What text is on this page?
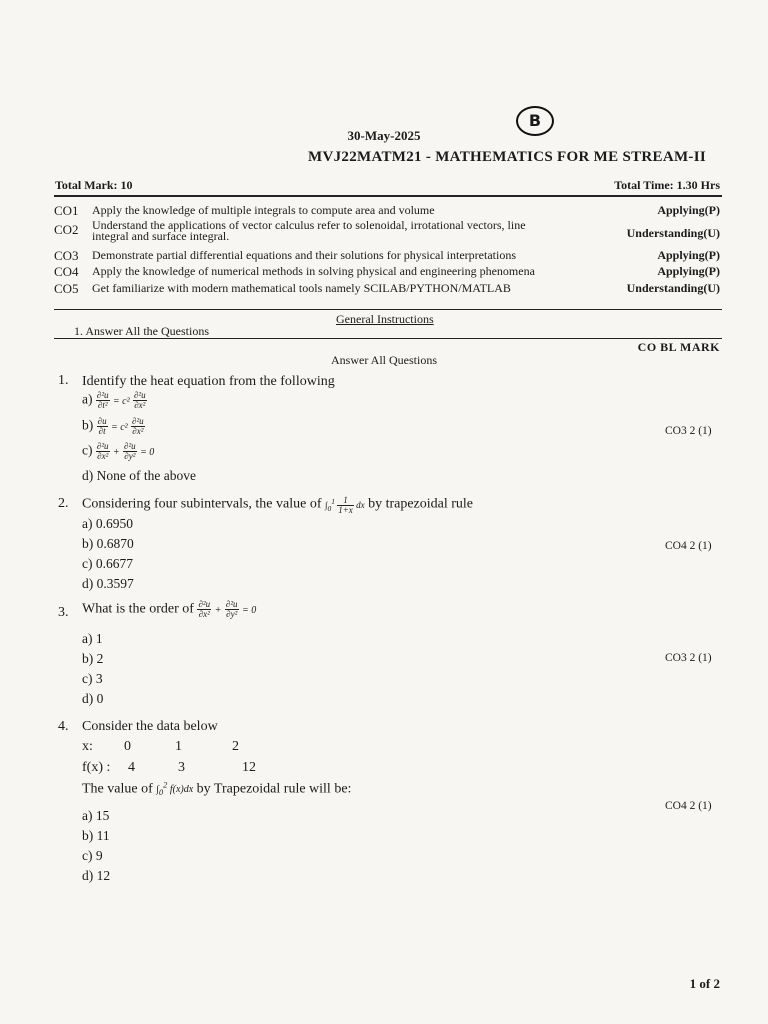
B
30-May-2025
MVJ22MATM21 - MATHEMATICS FOR ME STREAM-II
Total Mark: 10	Total Time: 1.30 Hrs
CO1 Apply the knowledge of multiple integrals to compute area and volume	Applying(P)
CO2 Understand the applications of vector calculus refer to solenoidal, irrotational vectors, line integral and surface integral.	Understanding(U)
CO3 Demonstrate partial differential equations and their solutions for physical interpretations	Applying(P)
CO4 Apply the knowledge of numerical methods in solving physical and engineering phenomena	Applying(P)
CO5 Get familiarize with modern mathematical tools namely SCILAB/PYTHON/MATLAB	Understanding(U)
General Instructions
1. Answer All the Questions
CO BL MARK
Answer All Questions
1. Identify the heat equation from the following
$a) \frac{\text{∂²u}}{\text{∂t²}} = c^2 \frac{\text{∂²u}}{\text{∂x²}}$
$b) \frac{\partial u}{\partial t} = c^2 \frac{\text{∂²u}}{\text{∂x²}}$
$c) \frac{\text{∂²u}}{\text{∂x²}} + \frac{\text{∂²u}}{\text{∂y²}} = 0$
d) None of the above
CO3 2 (1)
2. Considering four subintervals, the value of $\int_0^1 \frac{1}{1+x}$ dx by trapezoidal rule
a) 0.6950
b) 0.6870
c) 0.6677
d) 0.3597
CO4 2 (1)
3. What is the order of $\frac{\text{∂²u}}{\text{∂x²}} + \frac{\text{∂²u}}{\text{∂y²}} = 0$
a) 1
b) 2
c) 3
d) 0
CO3 2 (1)
4. Consider the data below
x: 0	1	2
f(x) : 4	3	12
The value of $\int_0^2$ f(x)dx by Trapezoidal rule will be:
a) 15
b) 11
c) 9
d) 12
CO4 2 (1)
1 of 2
